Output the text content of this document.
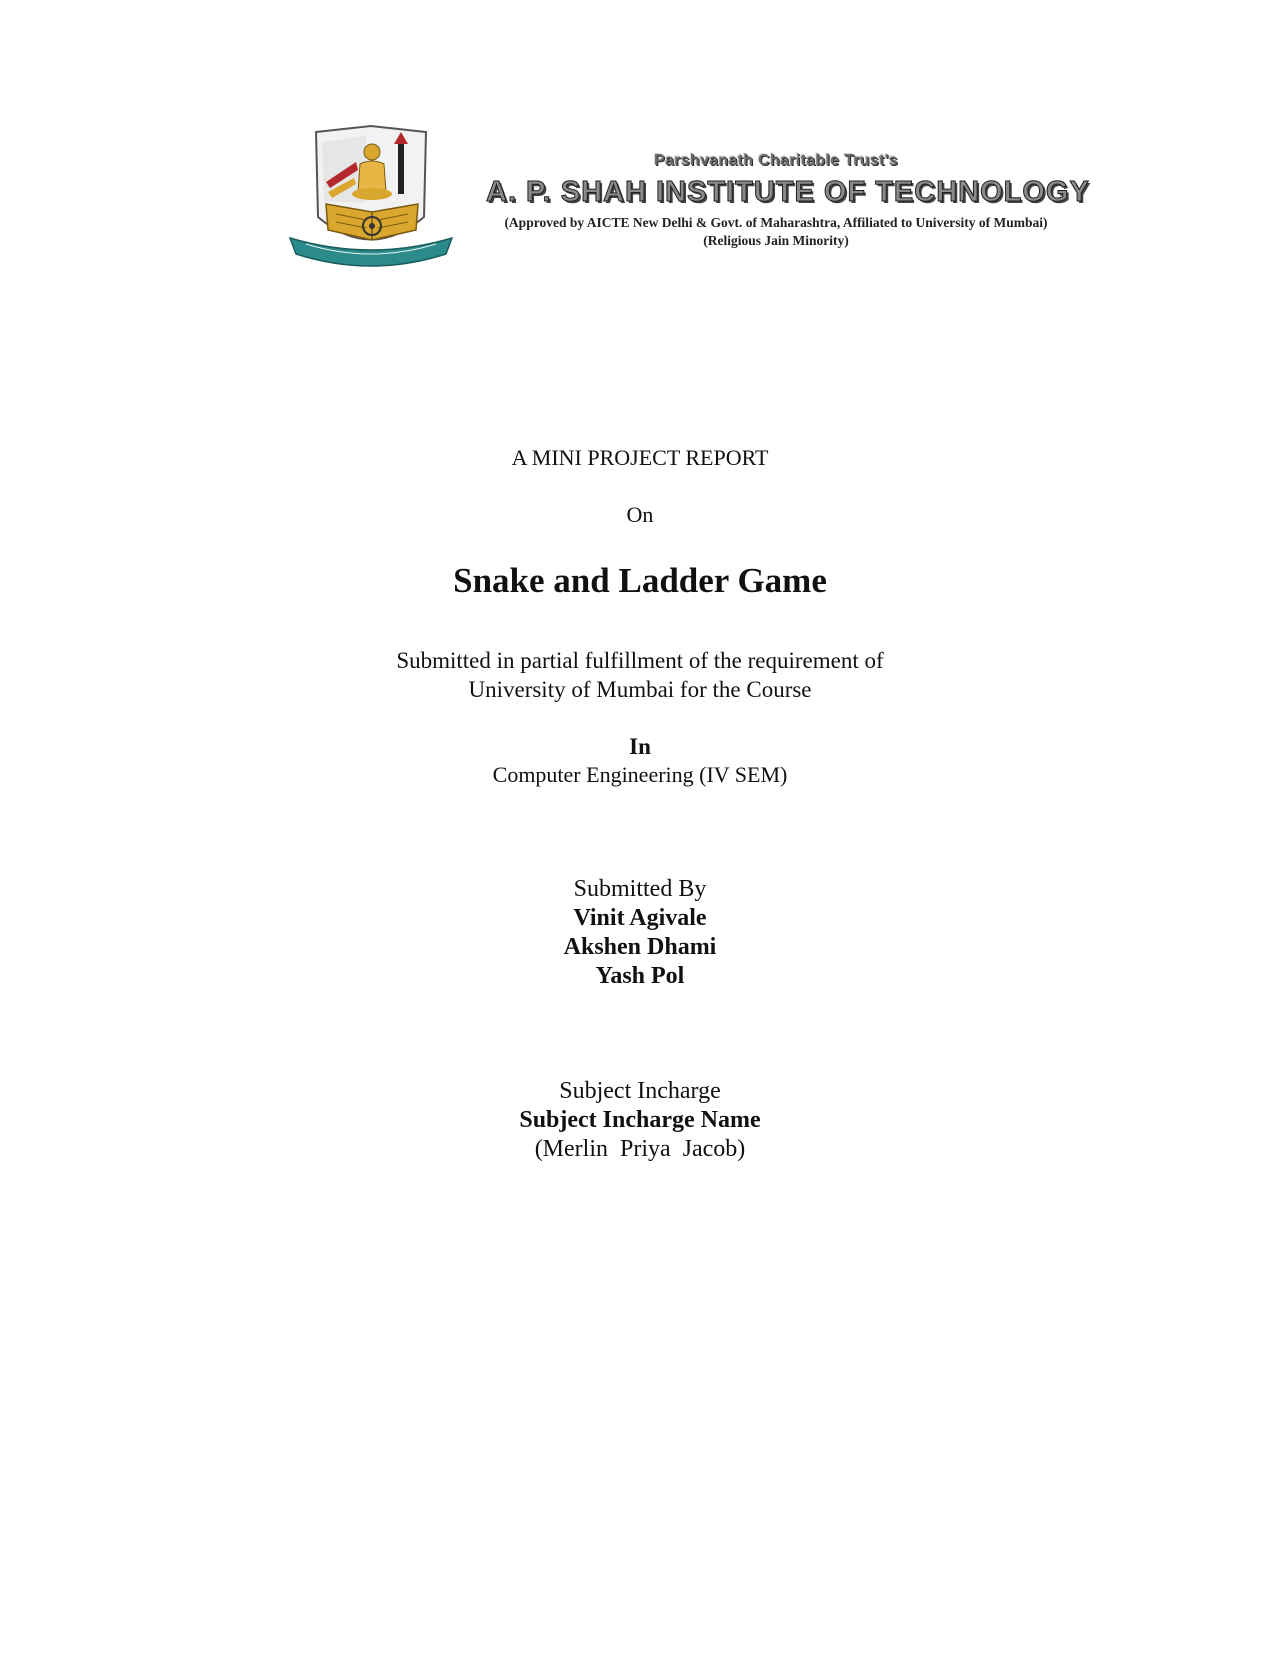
Parshvanath Charitable Trust's
A. P. SHAH INSTITUTE OF TECHNOLOGY
(Approved by AICTE New Delhi & Govt. of Maharashtra, Affiliated to University of Mumbai)
(Religious Jain Minority)
A MINI PROJECT REPORT
On
Snake and Ladder Game
Submitted in partial fulfillment of the requirement of
University of Mumbai for the Course
In
Computer Engineering (IV SEM)
Submitted By
Vinit Agivale
Akshen Dhami
Yash Pol
Subject Incharge
Subject Incharge Name
(Merlin  Priya  Jacob)
